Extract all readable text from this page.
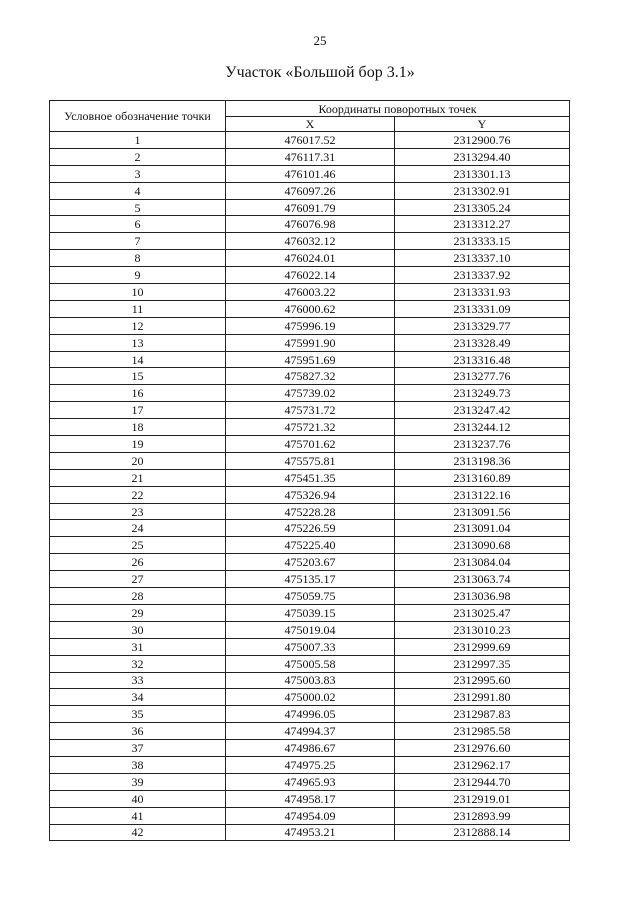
25
Участок «Большой бор 3.1»
Условное обозначение точки	Координаты поворотных точек	
	X	Y
1	476017.52	2312900.76
2	476117.31	2313294.40
3	476101.46	2313301.13
4	476097.26	2313302.91
5	476091.79	2313305.24
6	476076.98	2313312.27
7	476032.12	2313333.15
8	476024.01	2313337.10
9	476022.14	2313337.92
10	476003.22	2313331.93
11	476000.62	2313331.09
12	475996.19	2313329.77
13	475991.90	2313328.49
14	475951.69	2313316.48
15	475827.32	2313277.76
16	475739.02	2313249.73
17	475731.72	2313247.42
18	475721.32	2313244.12
19	475701.62	2313237.76
20	475575.81	2313198.36
21	475451.35	2313160.89
22	475326.94	2313122.16
23	475228.28	2313091.56
24	475226.59	2313091.04
25	475225.40	2313090.68
26	475203.67	2313084.04
27	475135.17	2313063.74
28	475059.75	2313036.98
29	475039.15	2313025.47
30	475019.04	2313010.23
31	475007.33	2312999.69
32	475005.58	2312997.35
33	475003.83	2312995.60
34	475000.02	2312991.80
35	474996.05	2312987.83
36	474994.37	2312985.58
37	474986.67	2312976.60
38	474975.25	2312962.17
39	474965.93	2312944.70
40	474958.17	2312919.01
41	474954.09	2312893.99
42	474953.21	2312888.14
